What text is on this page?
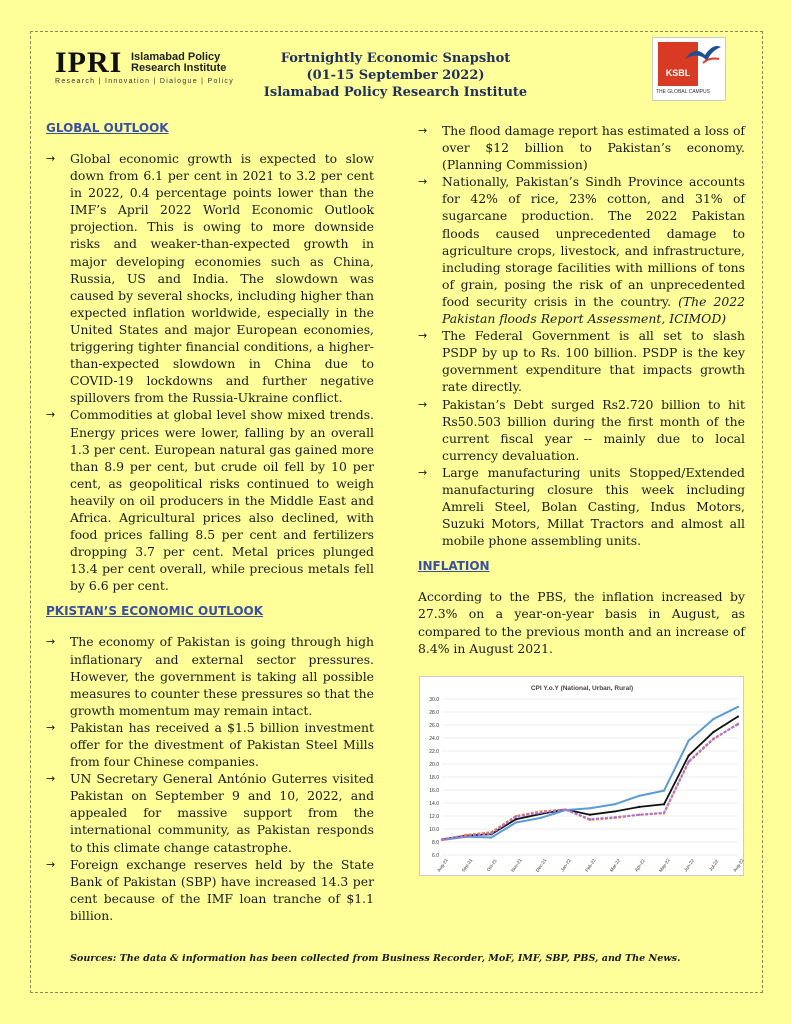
IPRI Islamabad Policy
Research Institute
Research | Innovation | Dialogue | Policy
Fortnightly Economic Snapshot
(01-15 September 2022)
Islamabad Policy Research Institute
KSBL
THE GLOBAL CAMPUS
GLOBAL OUTLOOK
→ Global economic growth is expected to slow down from 6.1 per cent in 2021 to 3.2 per cent in 2022, 0.4 percentage points lower than the IMF’s April 2022 World Economic Outlook projection. This is owing to more downside risks and weaker-than-expected growth in major developing economies such as China, Russia, US and India. The slowdown was caused by several shocks, including higher than expected inflation worldwide, especially in the United States and major European economies, triggering tighter financial conditions, a higher-than-expected slowdown in China due to COVID-19 lockdowns and further negative spillovers from the Russia-Ukraine conflict.
→ Commodities at global level show mixed trends. Energy prices were lower, falling by an overall 1.3 per cent. European natural gas gained more than 8.9 per cent, but crude oil fell by 10 per cent, as geopolitical risks continued to weigh heavily on oil producers in the Middle East and Africa. Agricultural prices also declined, with food prices falling 8.5 per cent and fertilizers dropping 3.7 per cent. Metal prices plunged 13.4 per cent overall, while precious metals fell by 6.6 per cent.
PKISTAN’S ECONOMIC OUTLOOK
→ The economy of Pakistan is going through high inflationary and external sector pressures. However, the government is taking all possible measures to counter these pressures so that the growth momentum may remain intact.
→ Pakistan has received a $1.5 billion investment offer for the divestment of Pakistan Steel Mills from four Chinese companies.
→ UN Secretary General António Guterres visited Pakistan on September 9 and 10, 2022, and appealed for massive support from the international community, as Pakistan responds to this climate change catastrophe.
→ Foreign exchange reserves held by the State Bank of Pakistan (SBP) have increased 14.3 per cent because of the IMF loan tranche of $1.1 billion.
→ The flood damage report has estimated a loss of over $12 billion to Pakistan’s economy. (Planning Commission)
→ Nationally, Pakistan’s Sindh Province accounts for 42% of rice, 23% cotton, and 31% of sugarcane production. The 2022 Pakistan floods caused unprecedented damage to agriculture crops, livestock, and infrastructure, including storage facilities with millions of tons of grain, posing the risk of an unprecedented food security crisis in the country. (The 2022 Pakistan floods Report Assessment, ICIMOD)
→ The Federal Government is all set to slash PSDP by up to Rs. 100 billion. PSDP is the key government expenditure that impacts growth rate directly.
→ Pakistan’s Debt surged Rs2.720 billion to hit Rs50.503 billion during the first month of the current fiscal year -- mainly due to local currency devaluation.
→ Large manufacturing units Stopped/Extended manufacturing closure this week including Amreli Steel, Bolan Casting, Indus Motors, Suzuki Motors, Millat Tractors and almost all mobile phone assembling units.
INFLATION

According to the PBS, the inflation increased by 27.3% on a year-on-year basis in August, as compared to the previous month and an increase of 8.4% in August 2021.

CPI Y.o.Y (National, Urban, Rural)
6.0
8.0
10.0
12.0
14.0
16.0
18.0
20.0
22.0
24.0
26.0
28.0
30.0
Aug-21	Sep-21	Oct-21	Nov-21	Dec-21	Jan-22	Feb-22	Mar-22	Apr-22	May-22	Jun-22	Jul-22	Aug-22
Sources: The data & information has been collected from Business Recorder, MoF, IMF, SBP, PBS, and The News.
